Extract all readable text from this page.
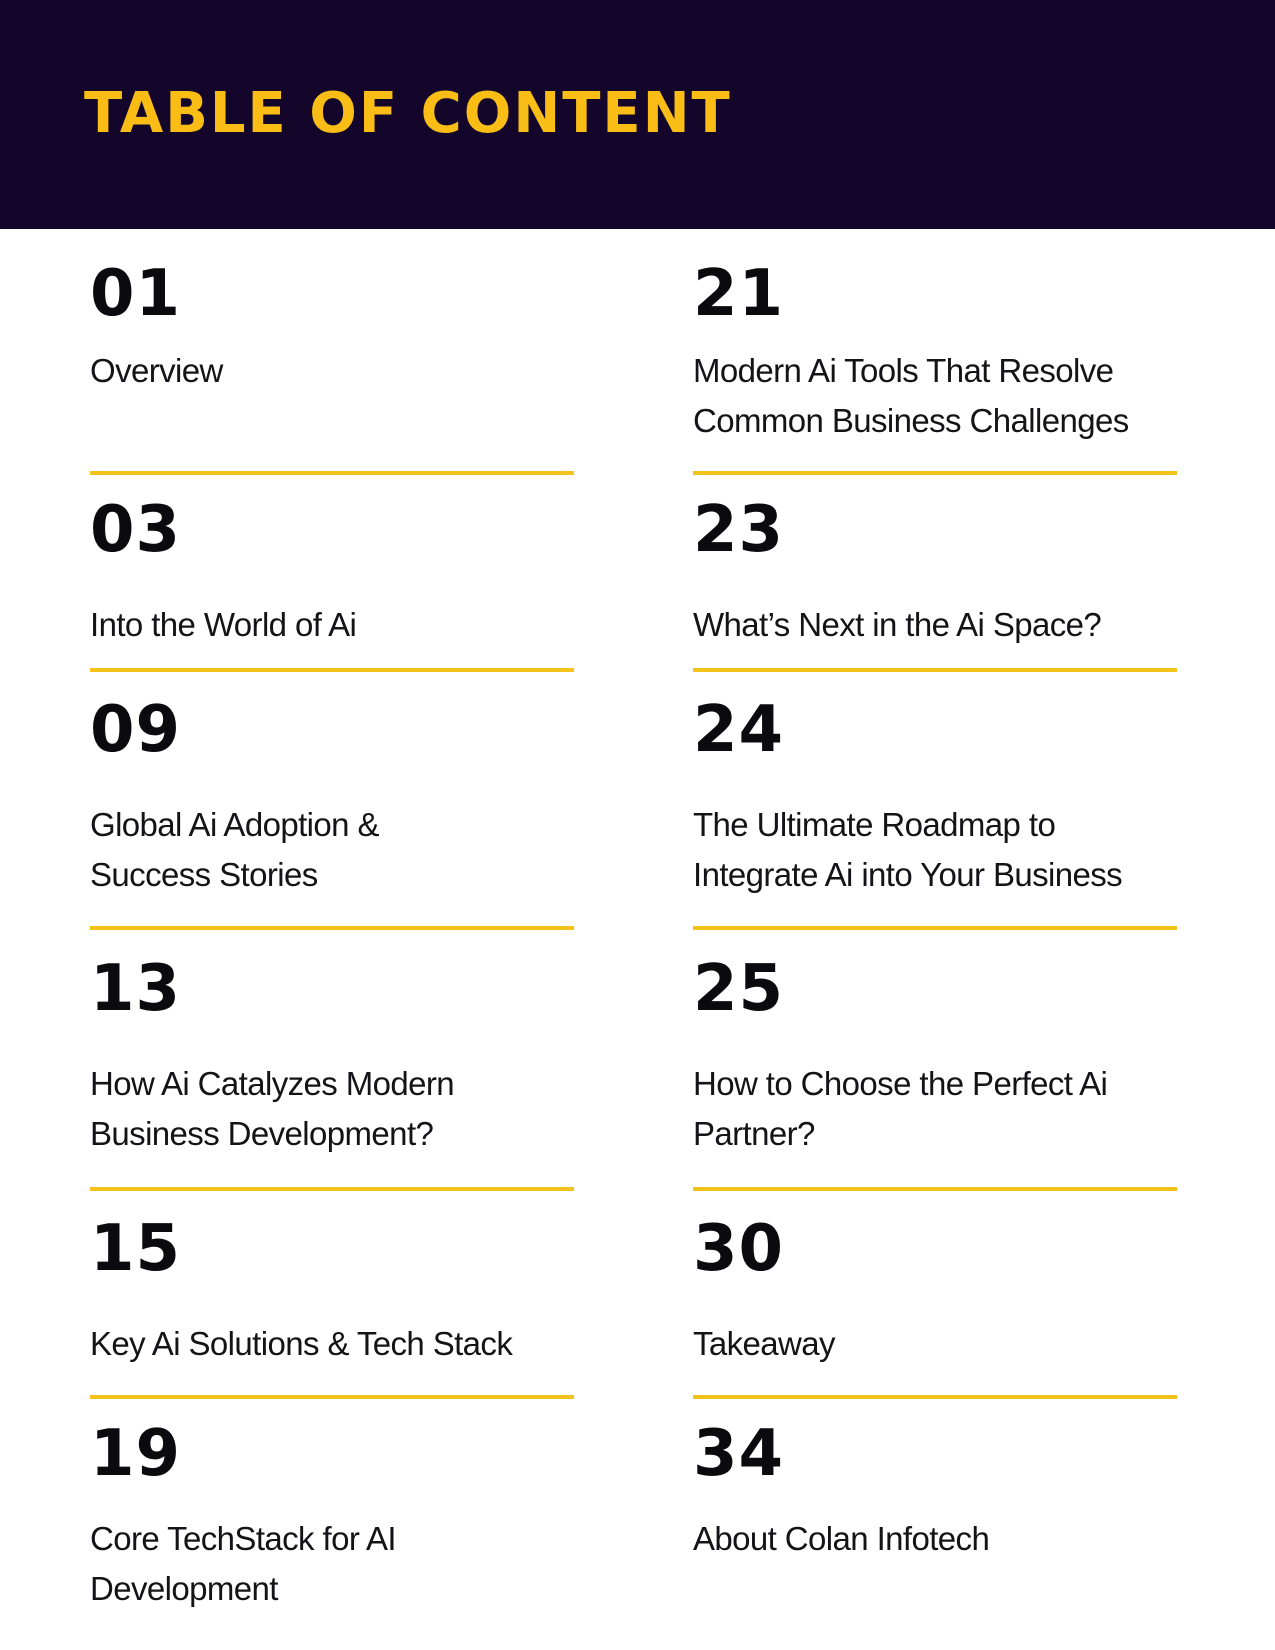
TABLE OF CONTENT
01
Overview
03
Into the World of Ai
09
Global Ai Adoption & Success Stories
13
How Ai Catalyzes Modern Business Development?
15
Key Ai Solutions & Tech Stack
19
Core TechStack for AI Development
21
Modern Ai Tools That Resolve Common Business Challenges
23
What’s Next in the Ai Space?
24
The Ultimate Roadmap to Integrate Ai into Your Business
25
How to Choose the Perfect Ai Partner?
30
Takeaway
34
About Colan Infotech
